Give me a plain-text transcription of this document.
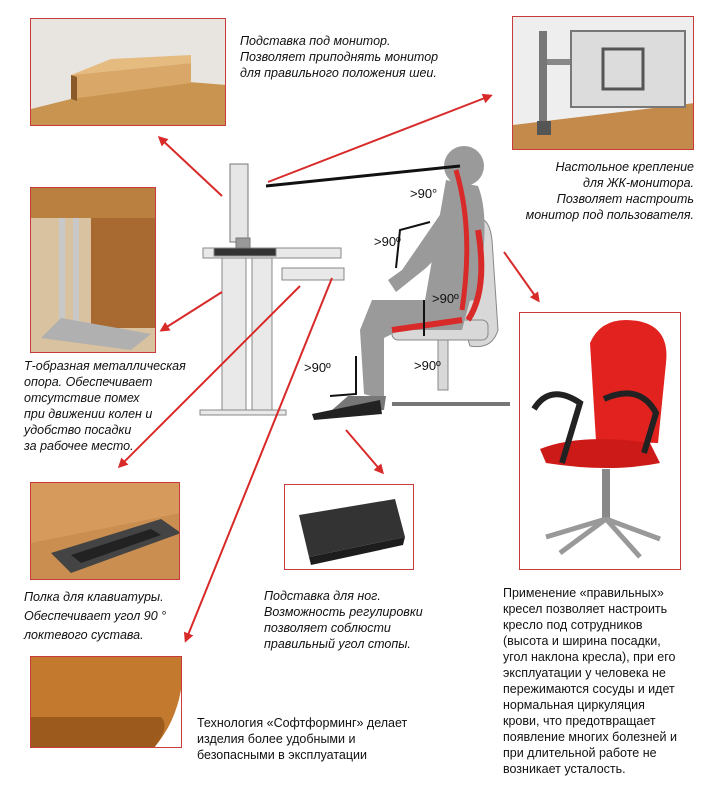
>90°
>90º
>90º
>90º
>90º

Подставка под монитор.
Позволяет приподнять монитор
для правильного положения шеи.

Настольное крепление
для ЖК-монитора.
Позволяет настроить
монитор под пользователя.

Т-образная металлическая
опора. Обеспечивает
отсутствие помех
при движении колен и
удобство посадки
за рабочее место.

Полка для клавиатуры.
Обеспечивает угол 90 °
локтевого сустава.

Подставка для ног.
Возможность регулировки
позволяет соблюсти
правильный угол стопы.

Технология «Софтформинг» делает
изделия более удобными и
безопасными в эксплуатации

Применение «правильных»
кресел позволяет настроить
кресло под сотрудников
(высота и ширина посадки,
угол наклона кресла), при его
эксплуатации у человека не
пережимаются сосуды и идет
нормальная циркуляция
крови, что предотвращает
появление многих болезней и
при длительной работе не
возникает усталость.
